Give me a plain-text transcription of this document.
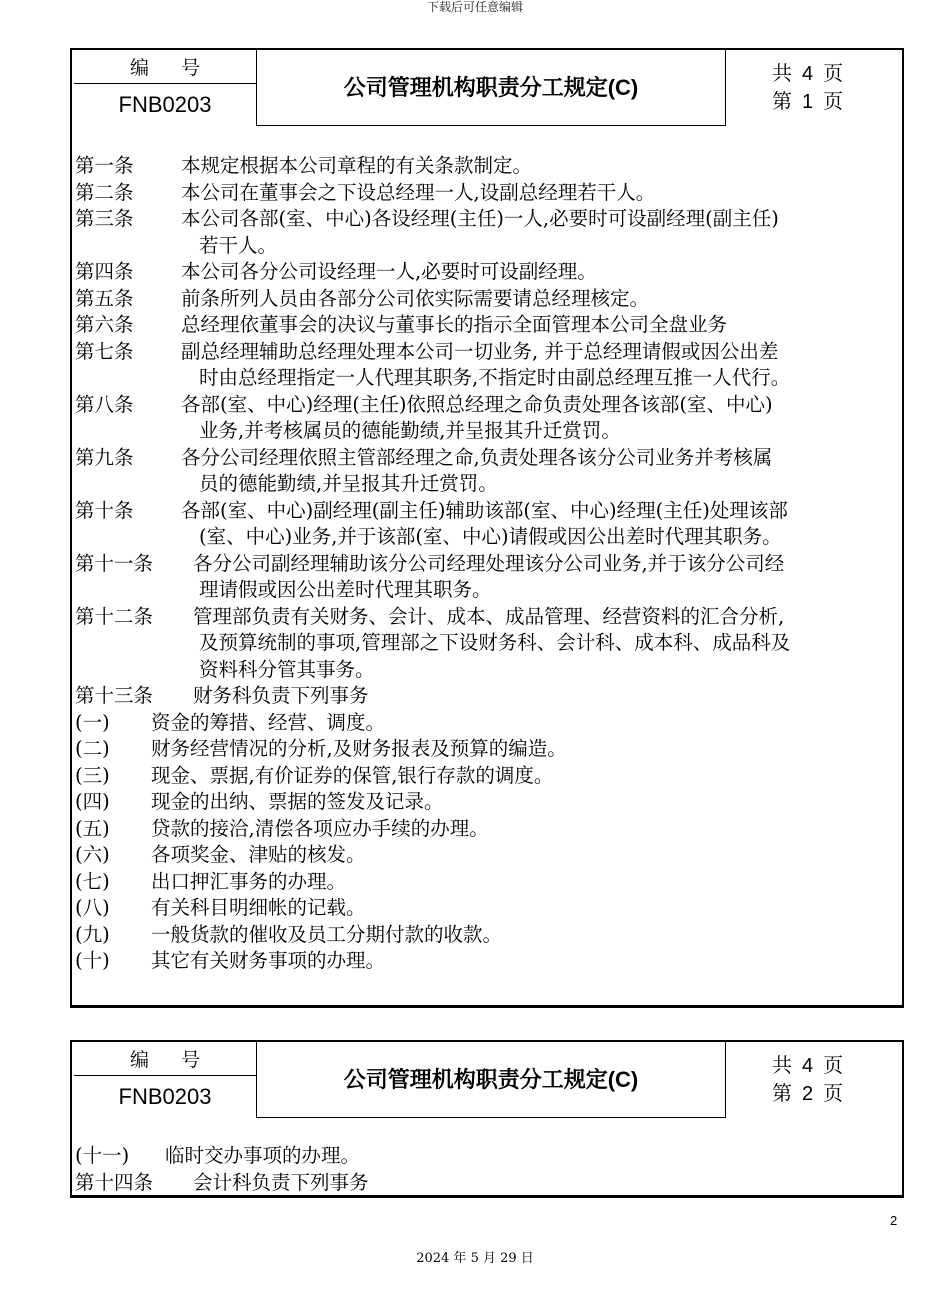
下载后可任意编辑
编号
FNB0203
公司管理机构职责分工规定(C)
共 4 页
第 1 页
第一条 本规定根据本公司章程的有关条款制定。
第二条 本公司在董事会之下设总经理一人,设副总经理若干人。
第三条 本公司各部(室、中心)各设经理(主任)一人,必要时可设副经理(副主任)
若干人。
第四条 本公司各分公司设经理一人,必要时可设副经理。
第五条 前条所列人员由各部分公司依实际需要请总经理核定。
第六条 总经理依董事会的决议与董事长的指示全面管理本公司全盘业务
第七条 副总经理辅助总经理处理本公司一切业务, 并于总经理请假或因公出差
时由总经理指定一人代理其职务,不指定时由副总经理互推一人代行。
第八条 各部(室、中心)经理(主任)依照总经理之命负责处理各该部(室、中心)
业务,并考核属员的德能勤绩,并呈报其升迁赏罚。
第九条 各分公司经理依照主管部经理之命,负责处理各该分公司业务并考核属
员的德能勤绩,并呈报其升迁赏罚。
第十条 各部(室、中心)副经理(副主任)辅助该部(室、中心)经理(主任)处理该部
(室、中心)业务,并于该部(室、中心)请假或因公出差时代理其职务。
第十一条 各分公司副经理辅助该分公司经理处理该分公司业务,并于该分公司经
理请假或因公出差时代理其职务。
第十二条 管理部负责有关财务、会计、成本、成品管理、经营资料的汇合分析,
及预算统制的事项,管理部之下设财务科、会计科、成本科、成品科及
资料科分管其事务。
第十三条 财务科负责下列事务
(一) 资金的筹措、经营、调度。
(二) 财务经营情况的分析,及财务报表及预算的编造。
(三) 现金、票据,有价证券的保管,银行存款的调度。
(四) 现金的出纳、票据的签发及记录。
(五) 贷款的接洽,清偿各项应办手续的办理。
(六) 各项奖金、津贴的核发。
(七) 出口押汇事务的办理。
(八) 有关科目明细帐的记载。
(九) 一般货款的催收及员工分期付款的收款。
(十) 其它有关财务事项的办理。
编号
FNB0203
公司管理机构职责分工规定(C)
共 4 页
第 2 页
(十一) 临时交办事项的办理。
第十四条 会计科负责下列事务
2
2024 年 5 月 29 日
